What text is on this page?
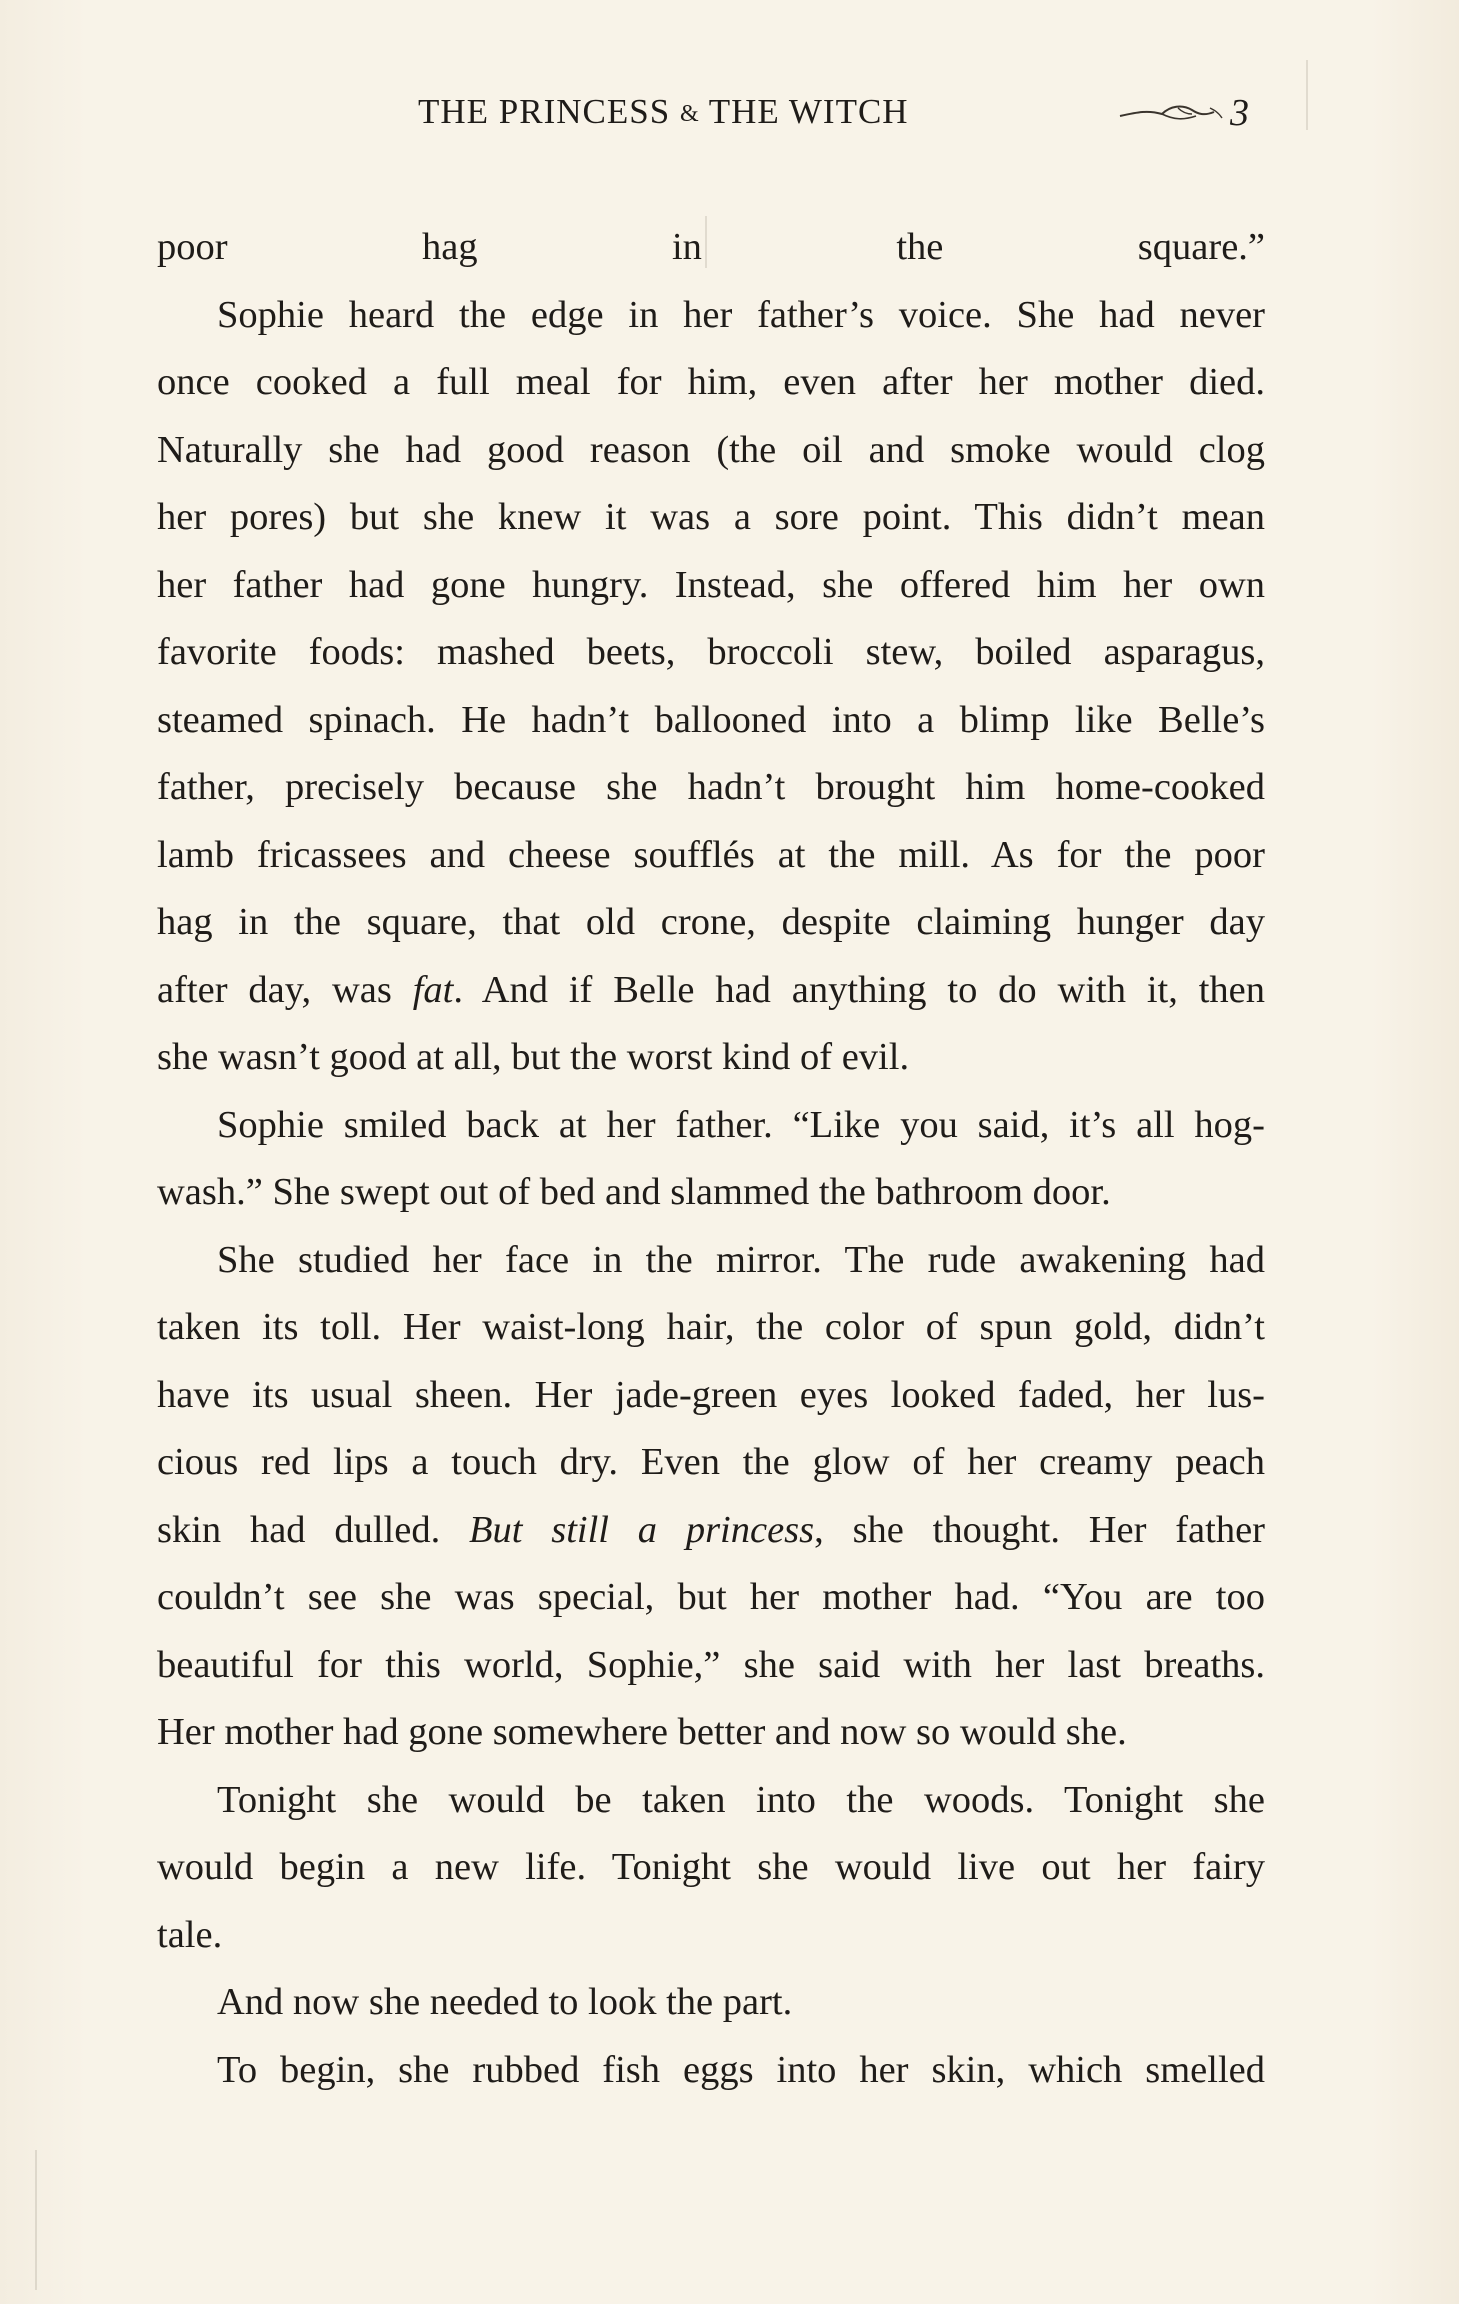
THE PRINCESS & THE WITCH	3
poor hag in the square.”
Sophie heard the edge in her father’s voice. She had never
once cooked a full meal for him, even after her mother died.
Naturally she had good reason (the oil and smoke would clog
her pores) but she knew it was a sore point. This didn’t mean
her father had gone hungry. Instead, she offered him her own
favorite foods: mashed beets, broccoli stew, boiled asparagus,
steamed spinach. He hadn’t ballooned into a blimp like Belle’s
father, precisely because she hadn’t brought him home-cooked
lamb fricassees and cheese soufflés at the mill. As for the poor
hag in the square, that old crone, despite claiming hunger day
after day, was fat. And if Belle had anything to do with it, then
she wasn’t good at all, but the worst kind of evil.
Sophie smiled back at her father. “Like you said, it’s all hog-
wash.” She swept out of bed and slammed the bathroom door.
She studied her face in the mirror. The rude awakening had
taken its toll. Her waist-long hair, the color of spun gold, didn’t
have its usual sheen. Her jade-green eyes looked faded, her lus-
cious red lips a touch dry. Even the glow of her creamy peach
skin had dulled. But still a princess, she thought. Her father
couldn’t see she was special, but her mother had. “You are too
beautiful for this world, Sophie,” she said with her last breaths.
Her mother had gone somewhere better and now so would she.
Tonight she would be taken into the woods. Tonight she
would begin a new life. Tonight she would live out her fairy
tale.
And now she needed to look the part.
To begin, she rubbed fish eggs into her skin, which smelled
